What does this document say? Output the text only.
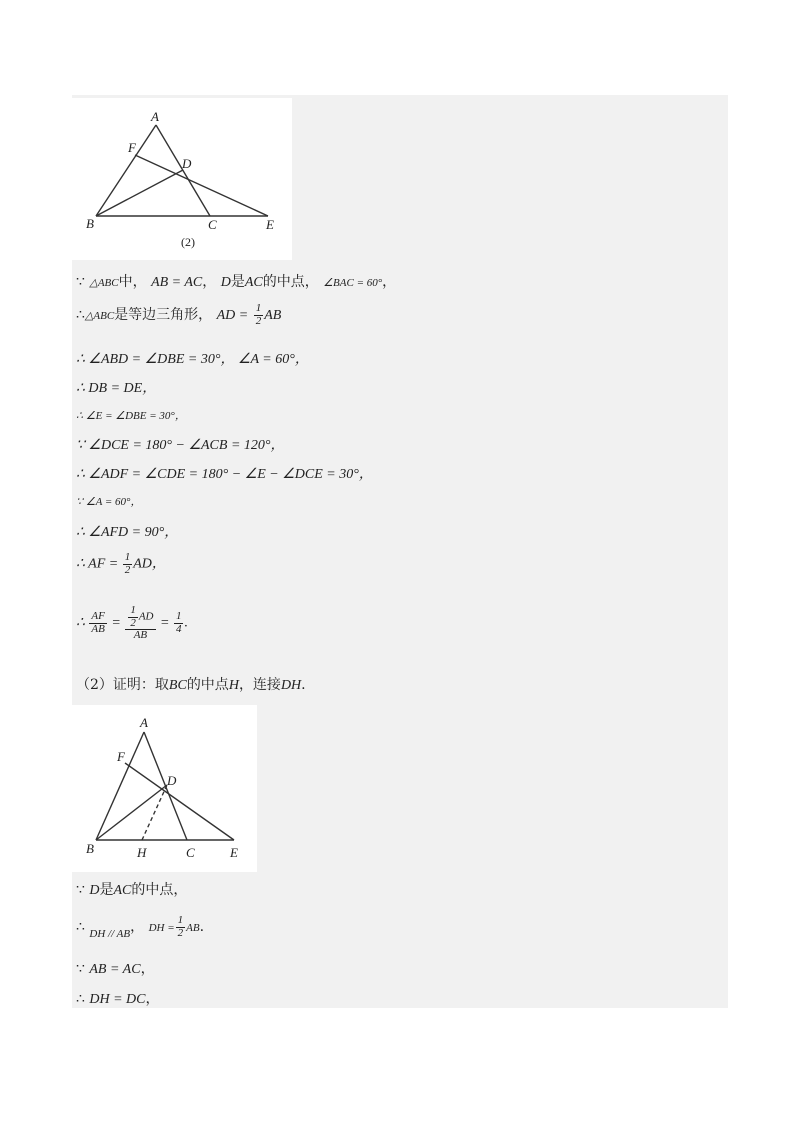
A
F
D
B	C	E
(2)
∵ △ABC中， AB = AC， D是AC的中点， ∠BAC = 60°，
∴△ABC是等边三角形， AD = $\frac{1}{2}$ AB
∴ ∠ABD = ∠DBE = 30°， ∠A = 60°，
∴ DB = DE，
∴ ∠E = ∠DBE = 30°，
∵ ∠DCE = 180° − ∠ACB = 120°，
∴ ∠ADF = ∠CDE = 180° − ∠E − ∠DCE = 30°，
∵ ∠A = 60°，
∴ ∠AFD = 90°，
∴ AF = $\frac{1}{2}$ AD，
∴ $\frac{AF}{AB} = \frac{\frac{1}{2} AD}{AB} = \frac{1}{4}$ .
（2）证明：取BC的中点H，连接DH.
A
F
D
B	H	C	E
∵ D是AC的中点，
∴ $_{DH // AB}$， DH = $\frac{1}{2}$ AB.
∵ AB = AC，
∴ DH = DC，
